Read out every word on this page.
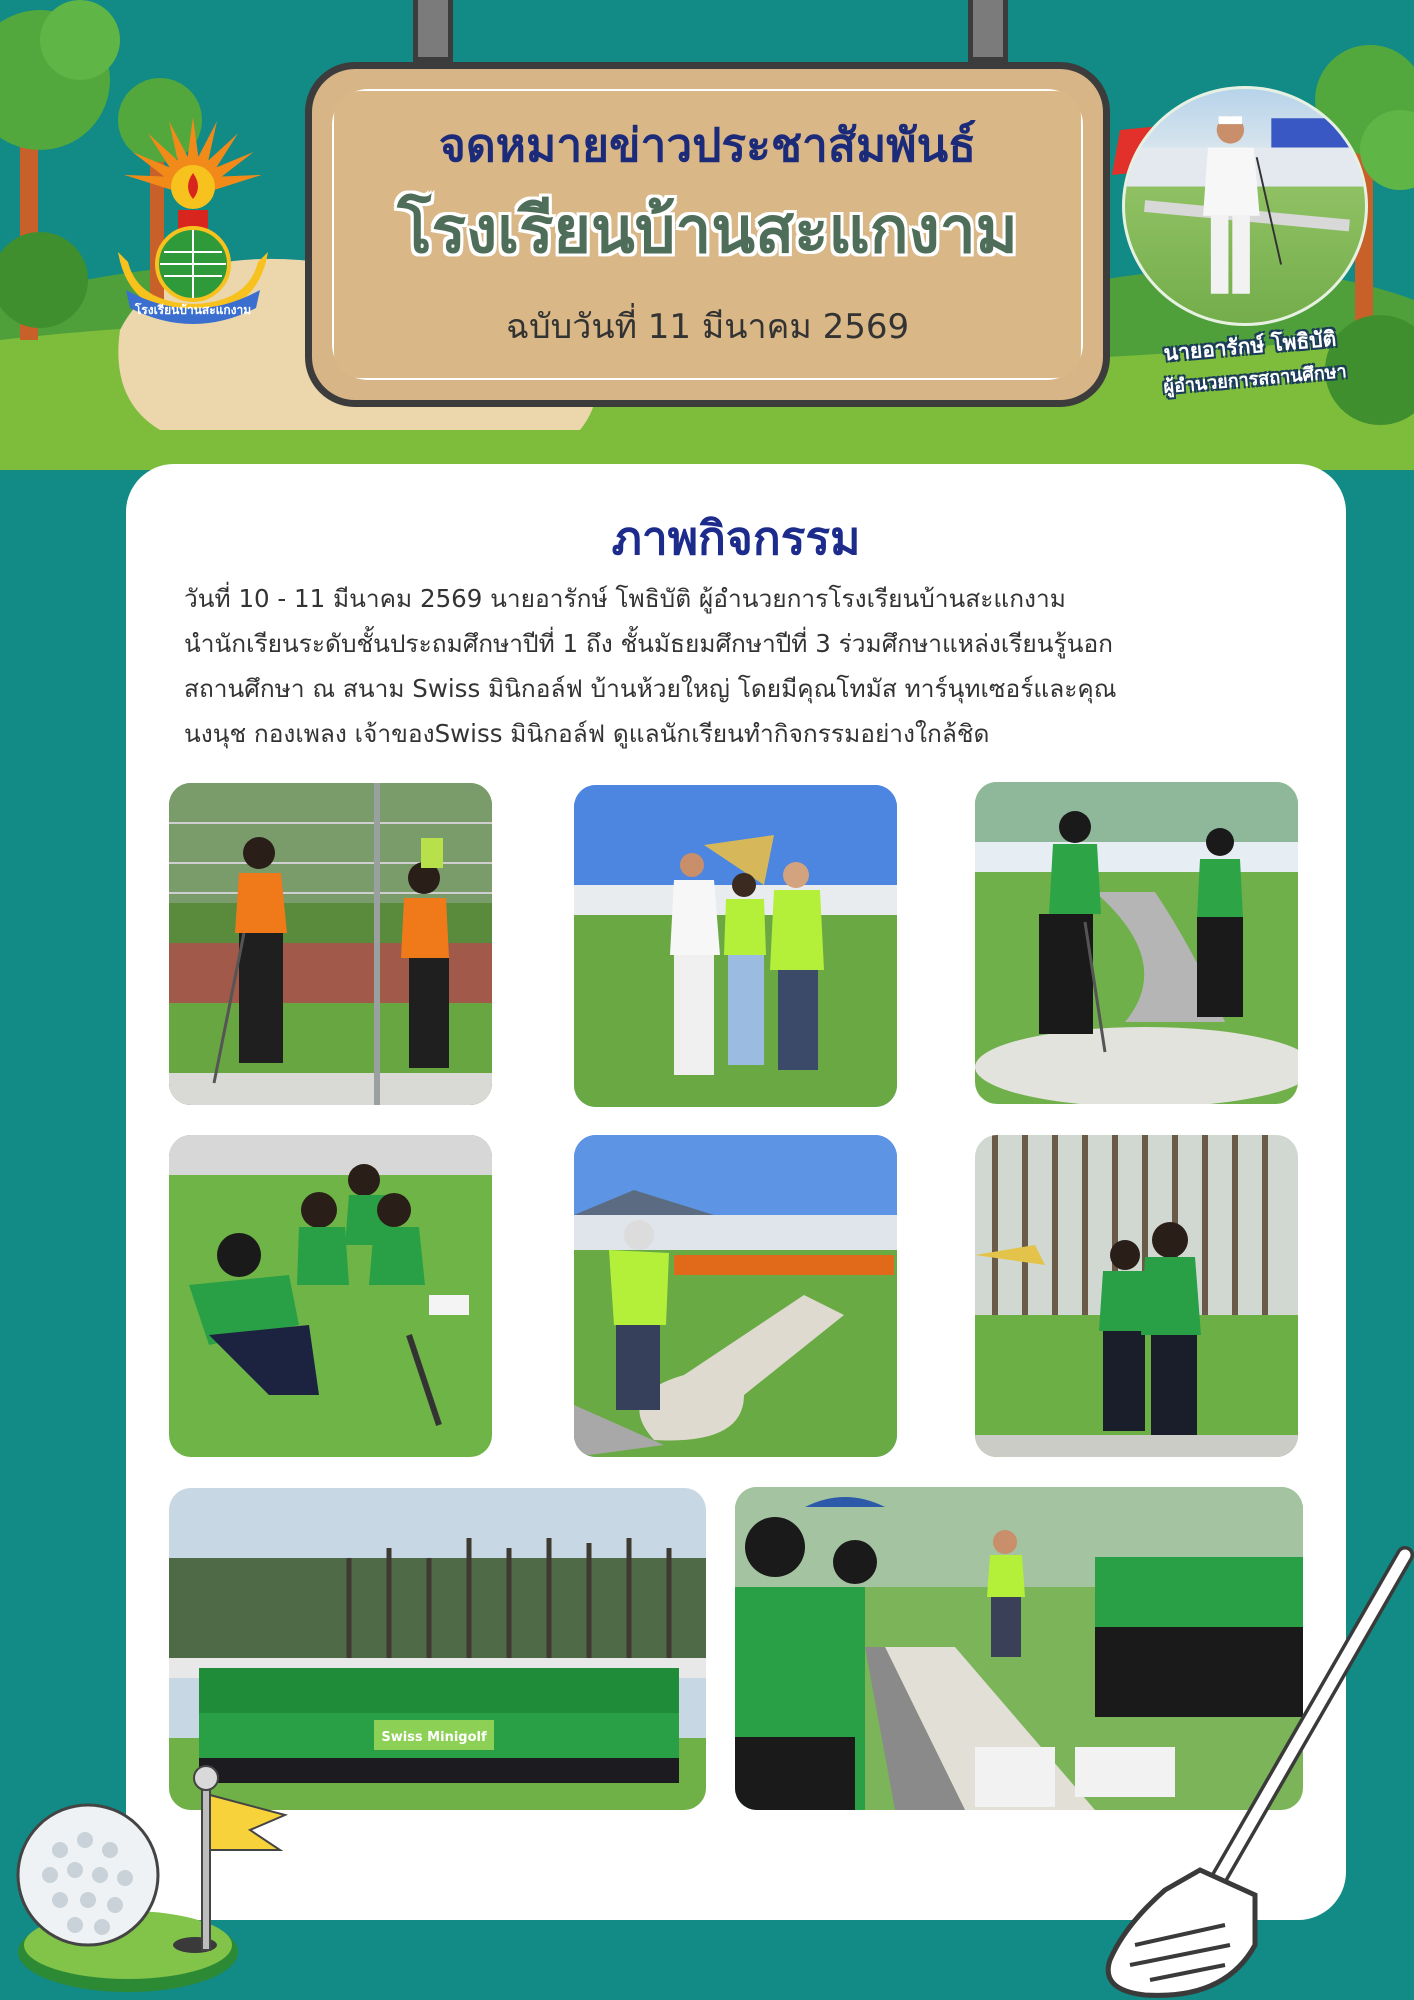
จดหมายข่าวประชาสัมพันธ์
โรงเรียนบ้านสะแกงาม
ฉบับวันที่ 11 มีนาคม 2569
โรงเรียนบ้านสะแกงาม
นายอารักษ์ โพธิบัติ
ผู้อำนวยการสถานศึกษา
ภาพกิจกรรม
วันที่ 10 - 11 มีนาคม 2569 นายอารักษ์ โพธิบัติ ผู้อำนวยการโรงเรียนบ้านสะแกงาม
นำนักเรียนระดับชั้นประถมศึกษาปีที่ 1 ถึง ชั้นมัธยมศึกษาปีที่ 3 ร่วมศึกษาแหล่งเรียนรู้นอก
สถานศึกษา ณ สนาม Swiss มินิกอล์ฟ บ้านห้วยใหญ่ โดยมีคุณโทมัส ทาร์นุทเซอร์และคุณ
นงนุช กองเพลง เจ้าของSwiss มินิกอล์ฟ ดูแลนักเรียนทำกิจกรรมอย่างใกล้ชิด
Swiss Minigolf
